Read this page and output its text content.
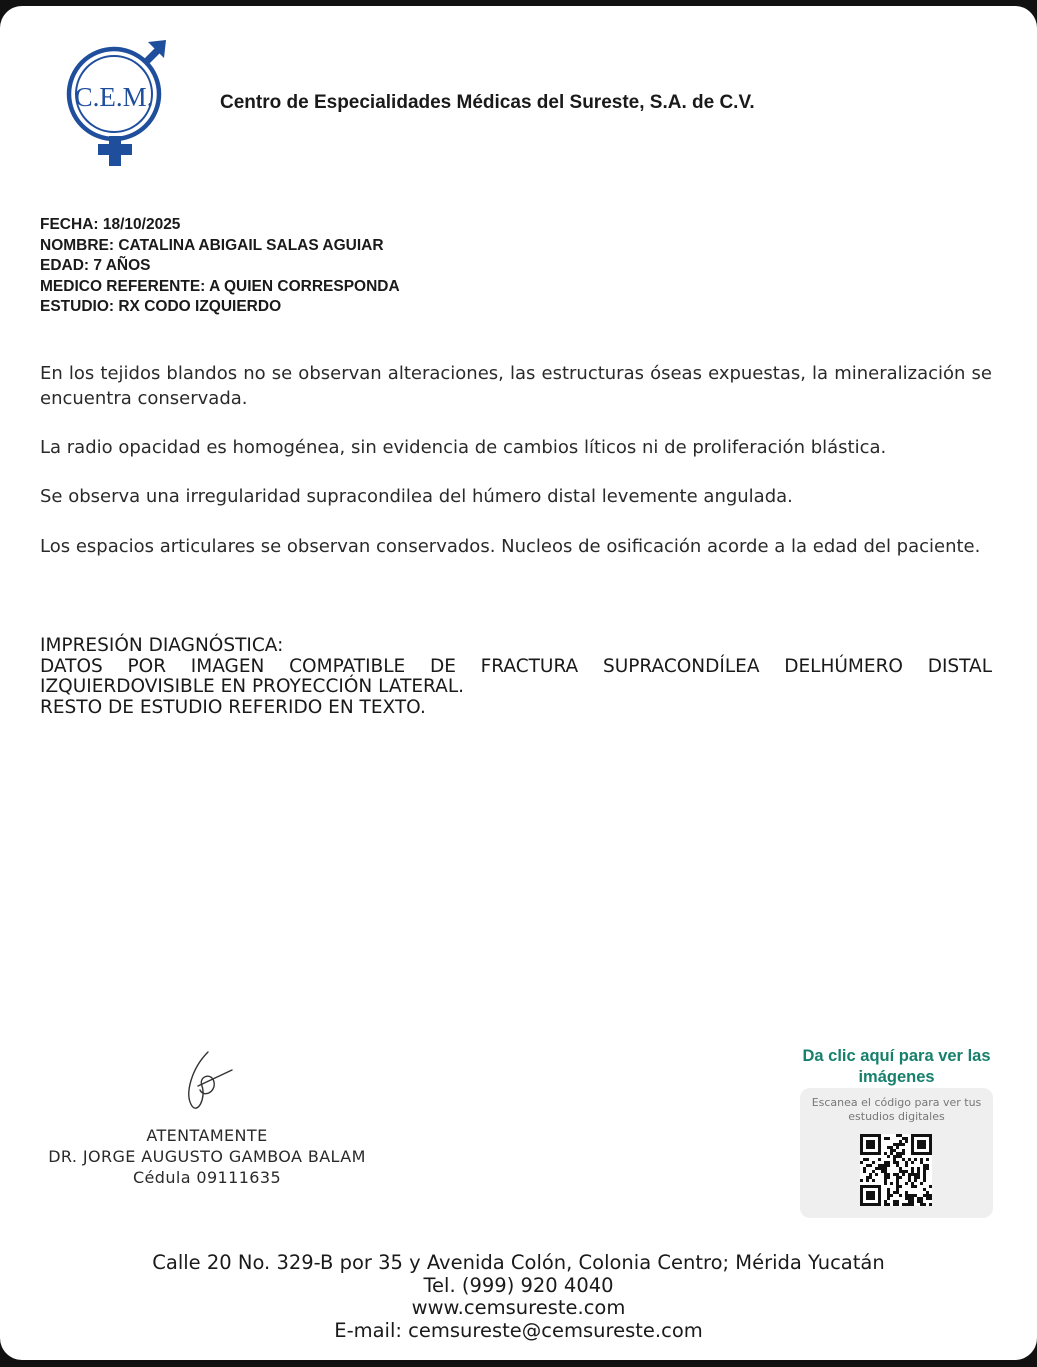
C.E.M.	Centro de Especialidades Médicas del Sureste, S.A. de C.V.
FECHA: 18/10/2025
NOMBRE: CATALINA ABIGAIL SALAS AGUIAR
EDAD: 7 AÑOS
MEDICO REFERENTE: A QUIEN CORRESPONDA
ESTUDIO: RX CODO IZQUIERDO

En los tejidos blandos no se observan alteraciones, las estructuras óseas expuestas, la mineralización se encuentra conservada.

La radio opacidad es homogénea, sin evidencia de cambios líticos ni de proliferación blástica.

Se observa una irregularidad supracondilea del húmero distal levemente angulada.

Los espacios articulares se observan conservados. Nucleos de osificación acorde a la edad del paciente.

IMPRESIÓN DIAGNÓSTICA:
DATOS POR IMAGEN COMPATIBLE DE FRACTURA SUPRACONDÍLEA DELHÚMERO DISTAL
IZQUIERDOVISIBLE EN PROYECCIÓN LATERAL.
RESTO DE ESTUDIO REFERIDO EN TEXTO.
ATENTAMENTE
DR. JORGE AUGUSTO GAMBOA BALAM
Cédula 09111635
Da clic aquí para ver las imágenes
Escanea el código para ver tus estudios digitales
Calle 20 No. 329-B por 35 y Avenida Colón, Colonia Centro; Mérida Yucatán
Tel. (999) 920 4040
www.cemsureste.com
E-mail: cemsureste@cemsureste.com
